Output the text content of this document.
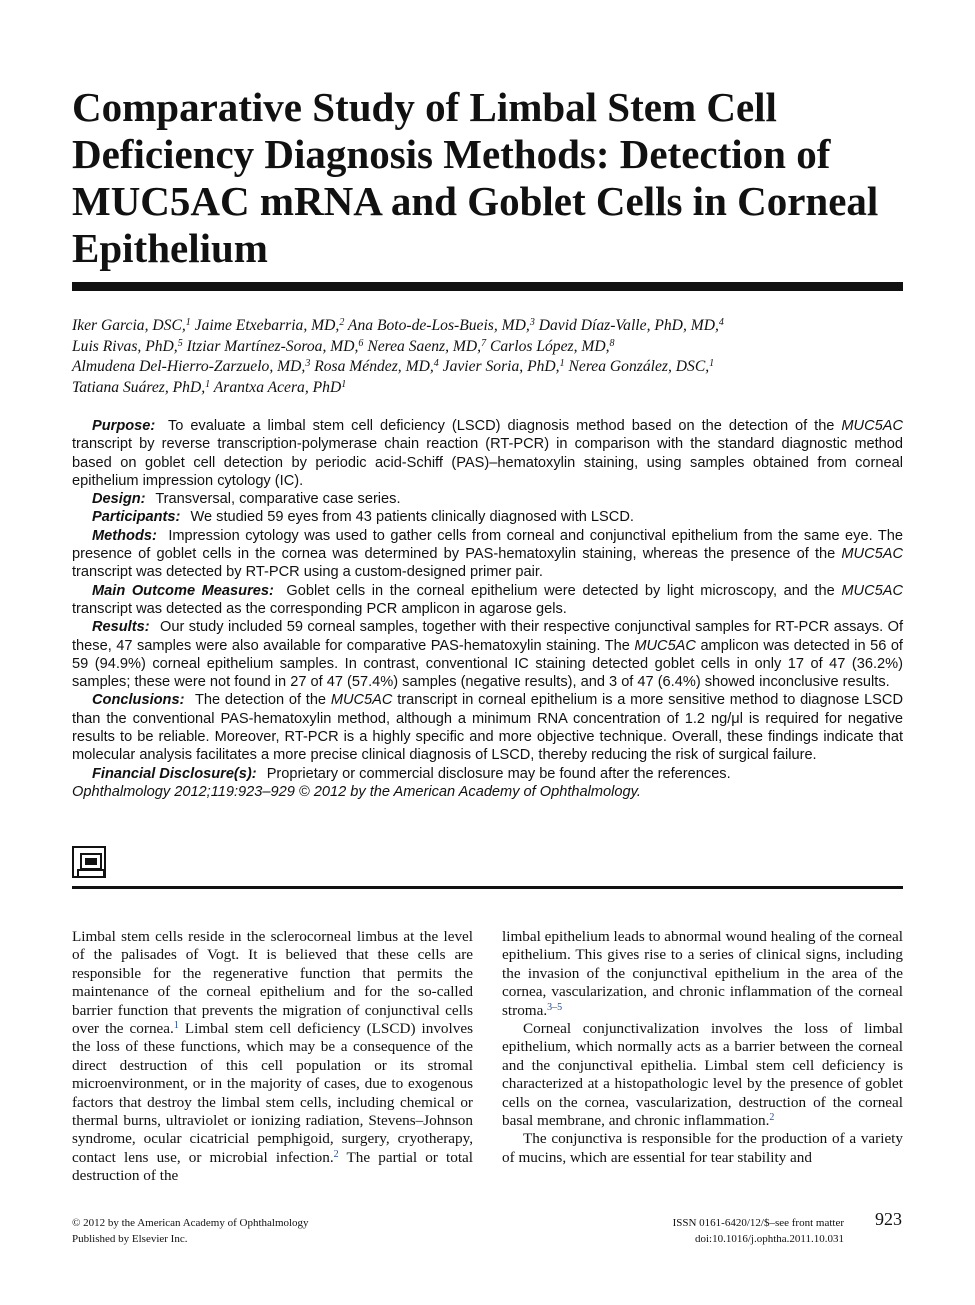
Comparative Study of Limbal Stem Cell Deficiency Diagnosis Methods: Detection of MUC5AC mRNA and Goblet Cells in Corneal Epithelium
Iker Garcia, DSC,$^1$ Jaime Etxebarria, MD,$^2$ Ana Boto-de-Los-Bueis, MD,$^3$ David Díaz-Valle, PhD, MD,$^4$
Luis Rivas, PhD,$^5$ Itziar Martínez-Soroa, MD,$^6$ Nerea Saenz, MD,$^7$ Carlos López, MD,$^8$
Almudena Del-Hierro-Zarzuelo, MD,$^3$ Rosa Méndez, MD,$^4$ Javier Soria, PhD,$^1$ Nerea González, DSC,$^1$
Tatiana Suárez, PhD,$^1$ Arantxa Acera, PhD$^1$

Purpose: To evaluate a limbal stem cell deficiency (LSCD) diagnosis method based on the detection of the MUC5AC transcript by reverse transcription-polymerase chain reaction (RT-PCR) in comparison with the standard diagnostic method based on goblet cell detection by periodic acid-Schiff (PAS)–hematoxylin staining, using samples obtained from corneal epithelium impression cytology (IC).

Design: Transversal, comparative case series.

Participants: We studied 59 eyes from 43 patients clinically diagnosed with LSCD.

Methods: Impression cytology was used to gather cells from corneal and conjunctival epithelium from the same eye. The presence of goblet cells in the cornea was determined by PAS-hematoxylin staining, whereas the presence of the MUC5AC transcript was detected by RT-PCR using a custom-designed primer pair.

Main Outcome Measures: Goblet cells in the corneal epithelium were detected by light microscopy, and the MUC5AC transcript was detected as the corresponding PCR amplicon in agarose gels.

Results: Our study included 59 corneal samples, together with their respective conjunctival samples for RT-PCR assays. Of these, 47 samples were also available for comparative PAS-hematoxylin staining. The MUC5AC amplicon was detected in 56 of 59 (94.9%) corneal epithelium samples. In contrast, conventional IC staining detected goblet cells in only 17 of 47 (36.2%) samples; these were not found in 27 of 47 (57.4%) samples (negative results), and 3 of 47 (6.4%) showed inconclusive results.

Conclusions: The detection of the MUC5AC transcript in corneal epithelium is a more sensitive method to diagnose LSCD than the conventional PAS-hematoxylin method, although a minimum RNA concentration of 1.2 ng/μl is required for negative results to be reliable. Moreover, RT-PCR is a highly specific and more objective technique. Overall, these findings indicate that molecular analysis facilitates a more precise clinical diagnosis of LSCD, thereby reducing the risk of surgical failure.

Financial Disclosure(s): Proprietary or commercial disclosure may be found after the references.

Ophthalmology 2012;119:923–929 © 2012 by the American Academy of Ophthalmology.

Limbal stem cells reside in the sclerocorneal limbus at the level of the palisades of Vogt. It is believed that these cells are responsible for the regenerative function that permits the maintenance of the corneal epithelium and for the so-called barrier function that prevents the migration of conjunctival cells over the cornea.$^1$ Limbal stem cell deficiency (LSCD) involves the loss of these functions, which may be a consequence of the direct destruction of this cell population or its stromal microenvironment, or in the majority of cases, due to exogenous factors that destroy the limbal stem cells, including chemical or thermal burns, ultraviolet or ionizing radiation, Stevens–Johnson syndrome, ocular cicatricial pemphigoid, surgery, cryotherapy, contact lens use, or microbial infection.$^2$ The partial or total destruction of the

limbal epithelium leads to abnormal wound healing of the corneal epithelium. This gives rise to a series of clinical signs, including the invasion of the conjunctival epithelium in the area of the cornea, vascularization, and chronic inflammation of the corneal stroma.$^{3-5}$

Corneal conjunctivalization involves the loss of limbal epithelium, which normally acts as a barrier between the corneal and the conjunctival epithelia. Limbal stem cell deficiency is characterized at a histopathologic level by the presence of goblet cells on the cornea, vascularization, destruction of the corneal basal membrane, and chronic inflammation.$^2$

The conjunctiva is responsible for the production of a variety of mucins, which are essential for tear stability and

© 2012 by the American Academy of Ophthalmology
Published by Elsevier Inc.
ISSN 0161-6420/12/$–see front matter
doi:10.1016/j.ophtha.2011.10.031
923
